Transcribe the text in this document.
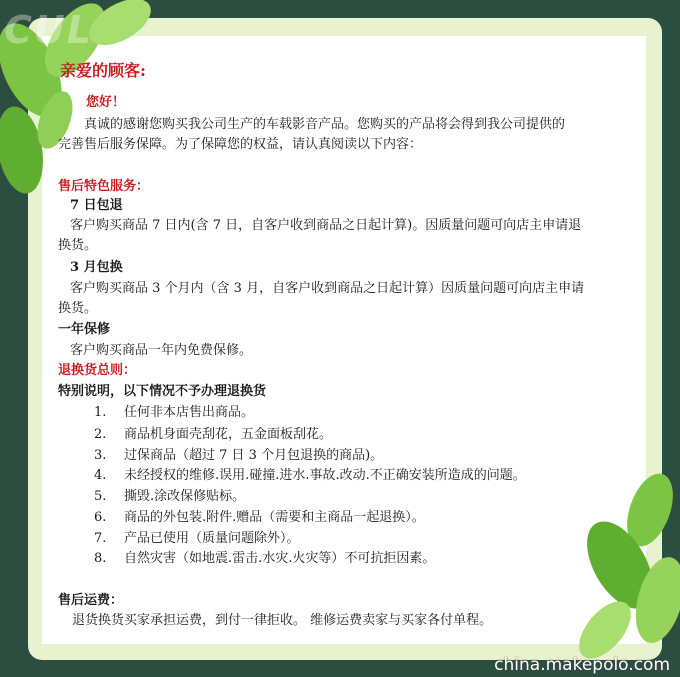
CUL
亲爱的顾客:
您好！
真诚的感谢您购买我公司生产的车载影音产品。您购买的产品将会得到我公司提供的
完善售后服务保障。为了保障您的权益，请认真阅读以下内容：
售后特色服务：
7 日包退
客户购买商品 7 日内(含 7 日，自客户收到商品之日起计算)。因质量问题可向店主申请退
换货。
3 月包换
客户购买商品 3 个月内（含 3 月，自客户收到商品之日起计算）因质量问题可向店主申请
换货。
一年保修
客户购买商品一年内免费保修。
退换货总则：
特别说明，以下情况不予办理退换货
1. 任何非本店售出商品。
2. 商品机身面壳刮花，五金面板刮花。
3. 过保商品（超过 7 日 3 个月包退换的商品)。
4. 未经授权的维修.误用.碰撞.进水.事故.改动.不正确安装所造成的问题。
5. 撕毁.涂改保修贴标。
6. 商品的外包装.附件.赠品（需要和主商品一起退换）。
7. 产品已使用（质量问题除外）。
8. 自然灾害（如地震.雷击.水灾.火灾等）不可抗拒因素。
售后运费：
退货换货买家承担运费，到付一律拒收。 维修运费卖家与买家各付单程。
china.makepolo.com
